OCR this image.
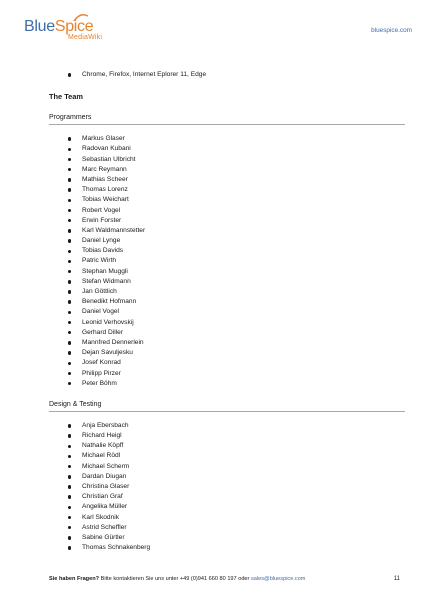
BlueSpice
MediaWiki
bluespice.com
Chrome, Firefox, Internet Eplorer 11, Edge
The Team
Programmers
Markus Glaser
Radovan Kubani
Sebastian Ulbricht
Marc Reymann
Mathias Scheer
Thomas Lorenz
Tobias Weichart
Robert Vogel
Erwin Forster
Karl Waldmannstetter
Daniel Lynge
Tobias Davids
Patric Wirth
Stephan Muggli
Stefan Widmann
Jan Göttlich
Benedikt Hofmann
Daniel Vogel
Leonid Verhovskij
Gerhard Diller
Mannfred Dennerlein
Dejan Savuljesku
Josef Konrad
Philipp Pirzer
Peter Böhm
Design & Testing
Anja Ebersbach
Richard Heigl
Nathalie Köpff
Michael Rödl
Michael Scherm
Dardan Diugan
Christina Glaser
Christian Graf
Angelika Müller
Karl Skodnik
Astrid Scheffler
Sabine Gürtler
Thomas Schnakenberg
Sie haben Fragen? Bitte kontaktieren Sie uns unter +49 (0)941 660 80 197 oder sales@bluespice.com	11
